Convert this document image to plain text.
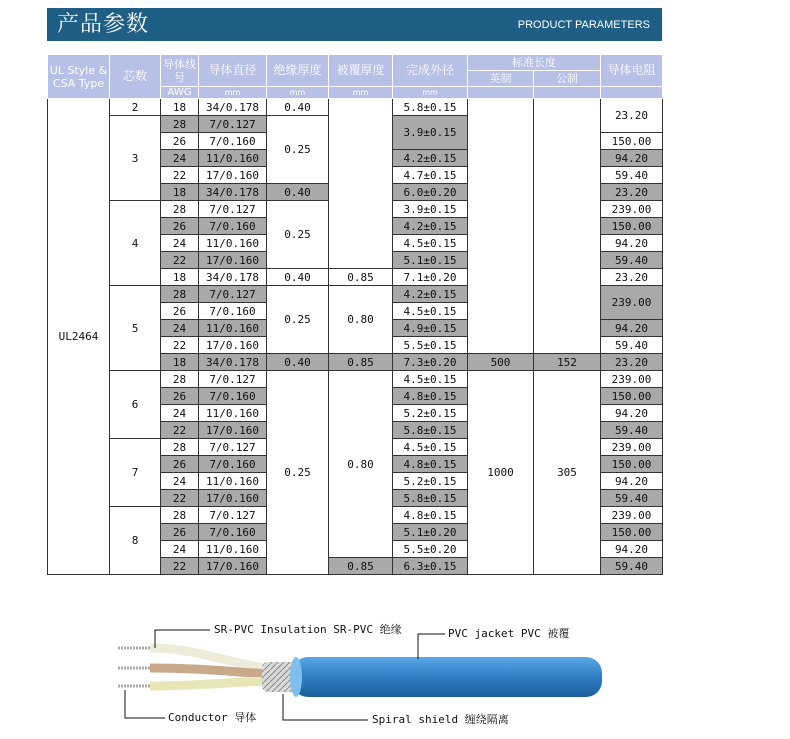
产品参数	PRODUCT PARAMETERS
UL Style & CSA Type	芯数	导体线号	导体直径	绝缘厚度	被覆厚度	完成外径	标准长度		导体电阻
							英制	公制	
		AWG	mm	mm	mm	mm			
UL2464	2	18	34/0.178	0.40		5.8±0.15			23.20
	3	28	7/0.127	0.25		3.9±0.15			
		26	7/0.160						150.00
		24	11/0.160			4.2±0.15			94.20
		22	17/0.160			4.7±0.15			59.40
		18	34/0.178	0.40		6.0±0.20			23.20
	4	28	7/0.127	0.25		3.9±0.15			239.00
		26	7/0.160			4.2±0.15			150.00
		24	11/0.160			4.5±0.15			94.20
		22	17/0.160			5.1±0.15			59.40
		18	34/0.178	0.40	0.85	7.1±0.20			23.20
	5	28	7/0.127	0.25	0.80	4.2±0.15			239.00
		26	7/0.160			4.5±0.15			
		24	11/0.160			4.9±0.15			94.20
		22	17/0.160			5.5±0.15			59.40
		18	34/0.178	0.40	0.85	7.3±0.20	500	152	23.20
	6	28	7/0.127	0.25	0.80	4.5±0.15	1000	305	239.00
		26	7/0.160			4.8±0.15			150.00
		24	11/0.160			5.2±0.15			94.20
		22	17/0.160			5.8±0.15			59.40
	7	28	7/0.127			4.5±0.15			239.00
		26	7/0.160			4.8±0.15			150.00
		24	11/0.160			5.2±0.15			94.20
		22	17/0.160			5.8±0.15			59.40
	8	28	7/0.127			4.8±0.15			239.00
		26	7/0.160			5.1±0.20			150.00
		24	11/0.160			5.5±0.20			94.20
		22	17/0.160		0.85	6.3±0.15			59.40
SR-PVC Insulation SR-PVC 绝缘	PVC jacket PVC 被覆
Conductor 导体	Spiral shield 缠绕隔离
